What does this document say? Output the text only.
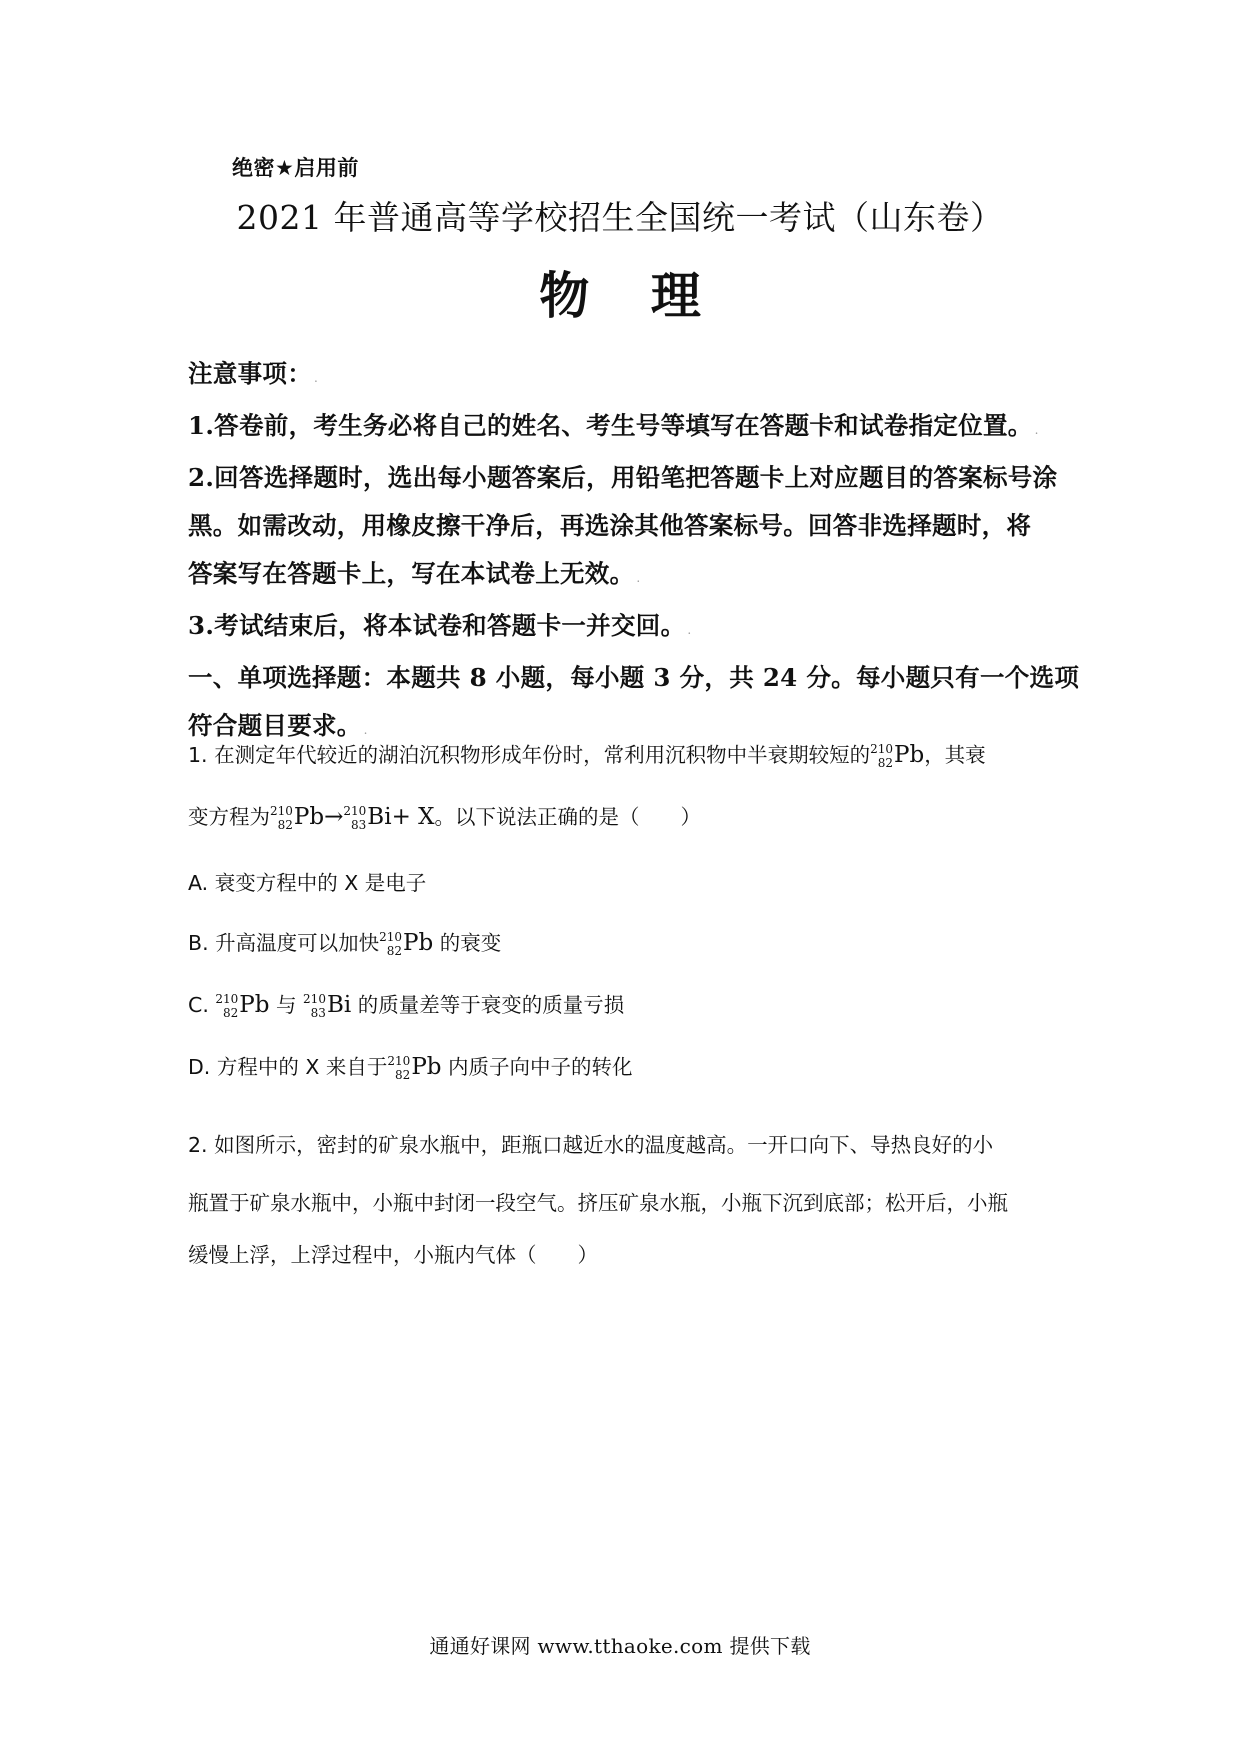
绝密★启用前
2021 年普通高等学校招生全国统一考试（山东卷）
物 理
注意事项： .
1.答卷前，考生务必将自己的姓名、考生号等填写在答题卡和试卷指定位置。 .
2.回答选择题时，选出每小题答案后，用铅笔把答题卡上对应题目的答案标号涂
黑。如需改动，用橡皮擦干净后，再选涂其他答案标号。回答非选择题时，将
答案写在答题卡上，写在本试卷上无效。 .
3.考试结束后，将本试卷和答题卡一并交回。 .
一、单项选择题：本题共 8 小题，每小题 3 分，共 24 分。每小题只有一个选项
符合题目要求。 .
1. 在测定年代较近的湖泊沉积物形成年份时，常利用沉积物中半衰期较短的 210
82 Pb，其衰
变方程为 210
82 Pb→ 210
83 Bi+ X。以下说法正确的是（　　）
A. 衰变方程中的 X 是电子
B. 升高温度可以加快 210
82 Pb 的衰变
C. 210
82 Pb 与 210
83 Bi 的质量差等于衰变的质量亏损
D. 方程中的 X 来自于 210
82 Pb 内质子向中子的转化
2. 如图所示，密封的矿泉水瓶中，距瓶口越近水的温度越高。一开口向下、导热良好的小
瓶置于矿泉水瓶中，小瓶中封闭一段空气。挤压矿泉水瓶，小瓶下沉到底部；松开后，小瓶
缓慢上浮，上浮过程中，小瓶内气体（　　）
通通好课网 www.tthaoke.com 提供下载
